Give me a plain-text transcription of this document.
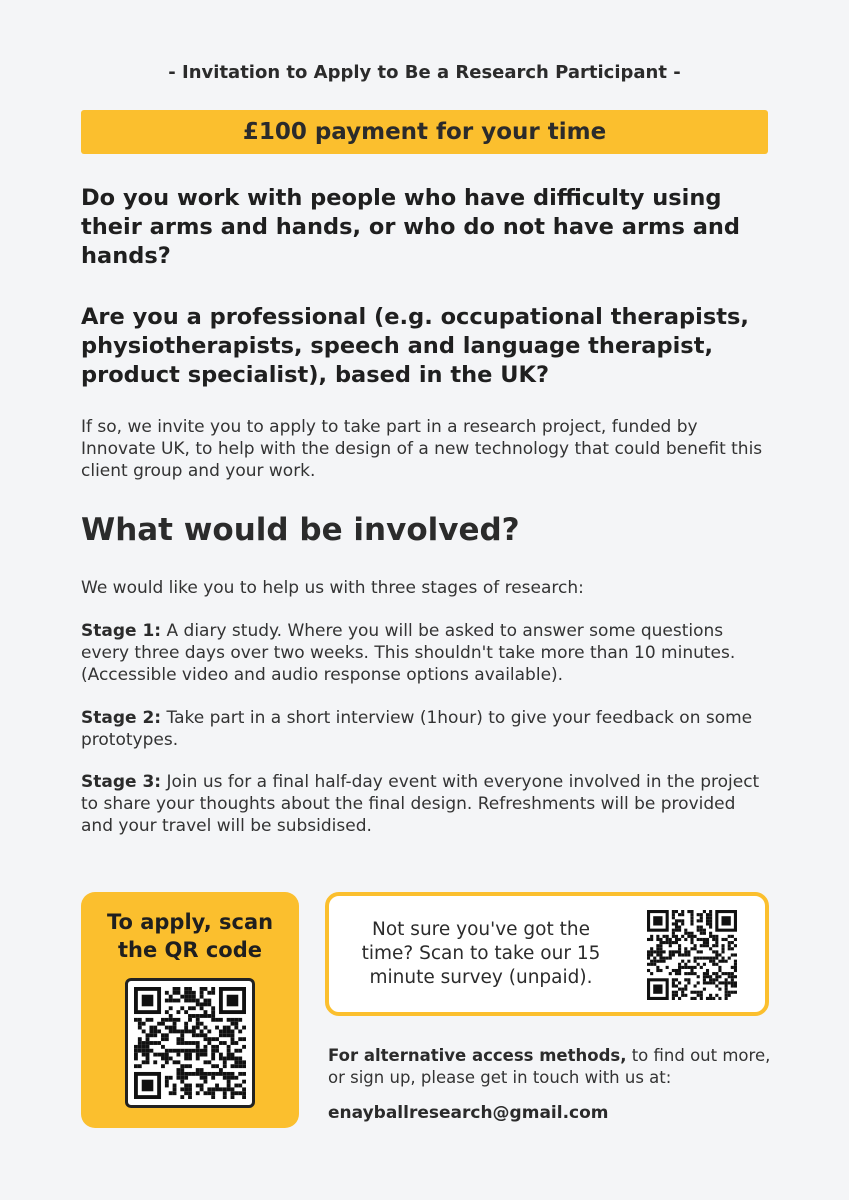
- Invitation to Apply to Be a Research Participant -
£100 payment for your time
Do you work with people who have difficulty using their arms and hands, or who do not have arms and hands?
Are you a professional (e.g. occupational therapists, physiotherapists, speech and language therapist, product specialist), based in the UK?
If so, we invite you to apply to take part in a research project, funded by Innovate UK, to help with the design of a new technology that could benefit this client group and your work.
What would be involved?
We would like you to help us with three stages of research:
Stage 1: A diary study. Where you will be asked to answer some questions every three days over two weeks. This shouldn't take more than 10 minutes. (Accessible video and audio response options available).
Stage 2: Take part in a short interview (1hour) to give your feedback on some prototypes.
Stage 3: Join us for a final half-day event with everyone involved in the project to share your thoughts about the final design. Refreshments will be provided and your travel will be subsidised.
To apply, scan
the QR code
Not sure you've got the time? Scan to take our 15 minute survey (unpaid).
For alternative access methods, to find out more, or sign up, please get in touch with us at:
enayballresearch@gmail.com
